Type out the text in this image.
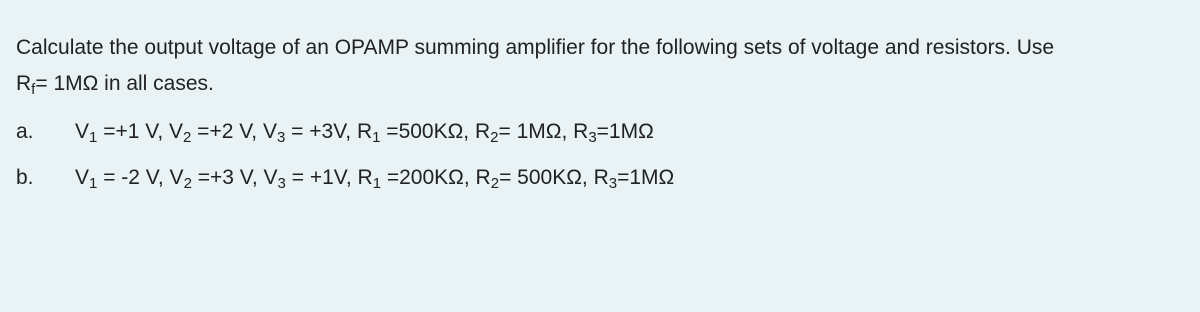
Calculate the output voltage of an OPAMP summing amplifier for the following sets of voltage and resistors. Use
$R_f= 1M\Omega$ in all cases.

a. $V_1 =+1$ V, $V_2 =+2$ V, $V_3 = +3V$, $R_1 =500K\Omega$, $R_2= 1M\Omega$, $R_3=1M\Omega$
b. $V_1 = -2$ V, $V_2 =+3$ V, $V_3 = +1V$, $R_1 =200K\Omega$, $R_2= 500K\Omega$, $R_3=1M\Omega$
